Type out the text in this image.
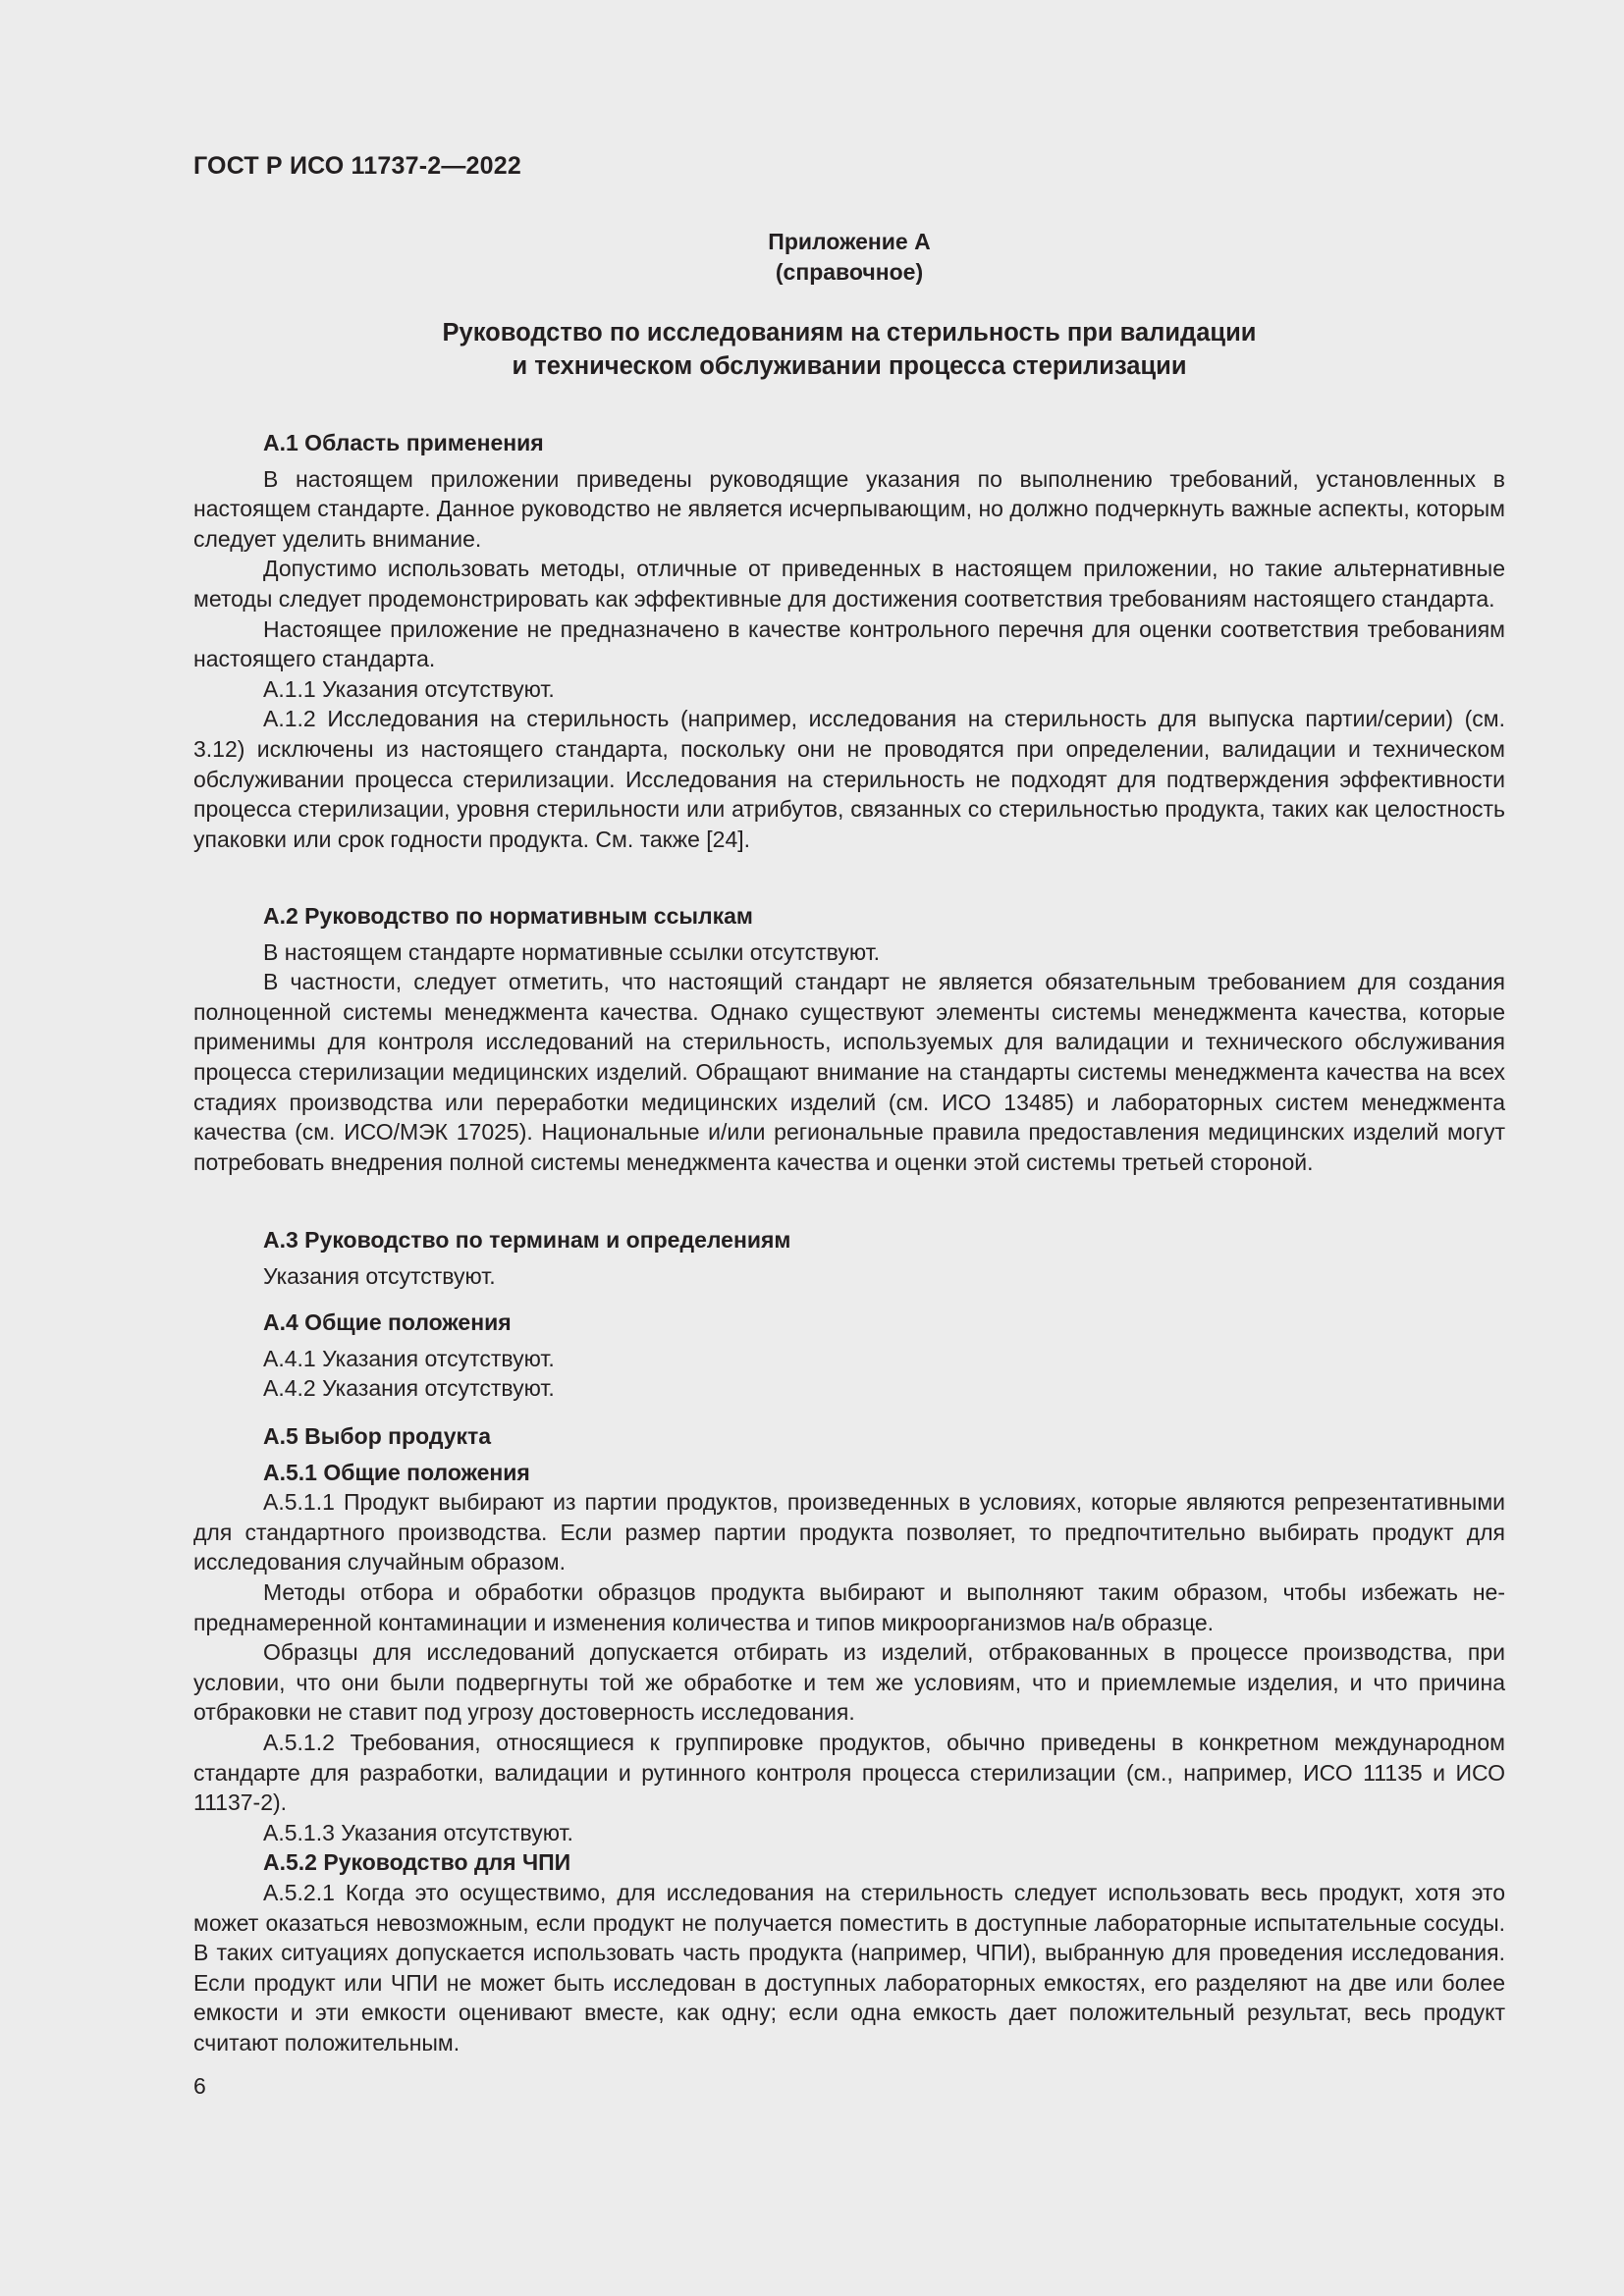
ГОСТ Р ИСО 11737-2—2022
Приложение А
(справочное)
Руководство по исследованиям на стерильность при валидации
и техническом обслуживании процесса стерилизации

А.1 Область применения

В настоящем приложении приведены руководящие указания по выполнению требований, установленных в настоящем стандарте. Данное руководство не является исчерпывающим, но должно подчеркнуть важные аспекты, которым следует уделить внимание.

Допустимо использовать методы, отличные от приведенных в настоящем приложении, но такие альтернативные методы следует продемонстрировать как эффективные для достижения соответствия требованиям настоящего стандарта.

Настоящее приложение не предназначено в качестве контрольного перечня для оценки соответствия требованиям настоящего стандарта.

А.1.1 Указания отсутствуют.

А.1.2 Исследования на стерильность (например, исследования на стерильность для выпуска партии/серии) (см. 3.12) исключены из настоящего стандарта, поскольку они не проводятся при определении, валидации и техническом обслуживании процесса стерилизации. Исследования на стерильность не подходят для подтверждения эффективности процесса стерилизации, уровня стерильности или атрибутов, связанных со стерильностью продукта, таких как целостность упаковки или срок годности продукта. См. также [24].

А.2 Руководство по нормативным ссылкам

В настоящем стандарте нормативные ссылки отсутствуют.

В частности, следует отметить, что настоящий стандарт не является обязательным требованием для создания полноценной системы менеджмента качества. Однако существуют элементы системы менеджмента качества, которые применимы для контроля исследований на стерильность, используемых для валидации и технического обслуживания процесса стерилизации медицинских изделий. Обращают внимание на стандарты системы менеджмента качества на всех стадиях производства или переработки медицинских изделий (см. ИСО 13485) и лабораторных систем менеджмента качества (см. ИСО/МЭК 17025). Национальные и/или региональные правила предоставления медицинских изделий могут потребовать внедрения полной системы менеджмента качества и оценки этой системы третьей стороной.

А.3 Руководство по терминам и определениям

Указания отсутствуют.

А.4 Общие положения

А.4.1 Указания отсутствуют.

А.4.2 Указания отсутствуют.

А.5 Выбор продукта

А.5.1 Общие положения

А.5.1.1 Продукт выбирают из партии продуктов, произведенных в условиях, которые являются репрезентативными для стандартного производства. Если размер партии продукта позволяет, то предпочтительно выбирать продукт для исследования случайным образом.

Методы отбора и обработки образцов продукта выбирают и выполняют таким образом, чтобы избежать непреднамеренной контаминации и изменения количества и типов микроорганизмов на/в образце.

Образцы для исследований допускается отбирать из изделий, отбракованных в процессе производства, при условии, что они были подвергнуты той же обработке и тем же условиям, что и приемлемые изделия, и что причина отбраковки не ставит под угрозу достоверность исследования.

А.5.1.2 Требования, относящиеся к группировке продуктов, обычно приведены в конкретном международном стандарте для разработки, валидации и рутинного контроля процесса стерилизации (см., например, ИСО 11135 и ИСО 11137-2).

А.5.1.3 Указания отсутствуют.

А.5.2 Руководство для ЧПИ

А.5.2.1 Когда это осуществимо, для исследования на стерильность следует использовать весь продукт, хотя это может оказаться невозможным, если продукт не получается поместить в доступные лабораторные испытательные сосуды. В таких ситуациях допускается использовать часть продукта (например, ЧПИ), выбранную для проведения исследования. Если продукт или ЧПИ не может быть исследован в доступных лабораторных емкостях, его разделяют на две или более емкости и эти емкости оценивают вместе, как одну; если одна емкость дает положительный результат, весь продукт считают положительным.

6
